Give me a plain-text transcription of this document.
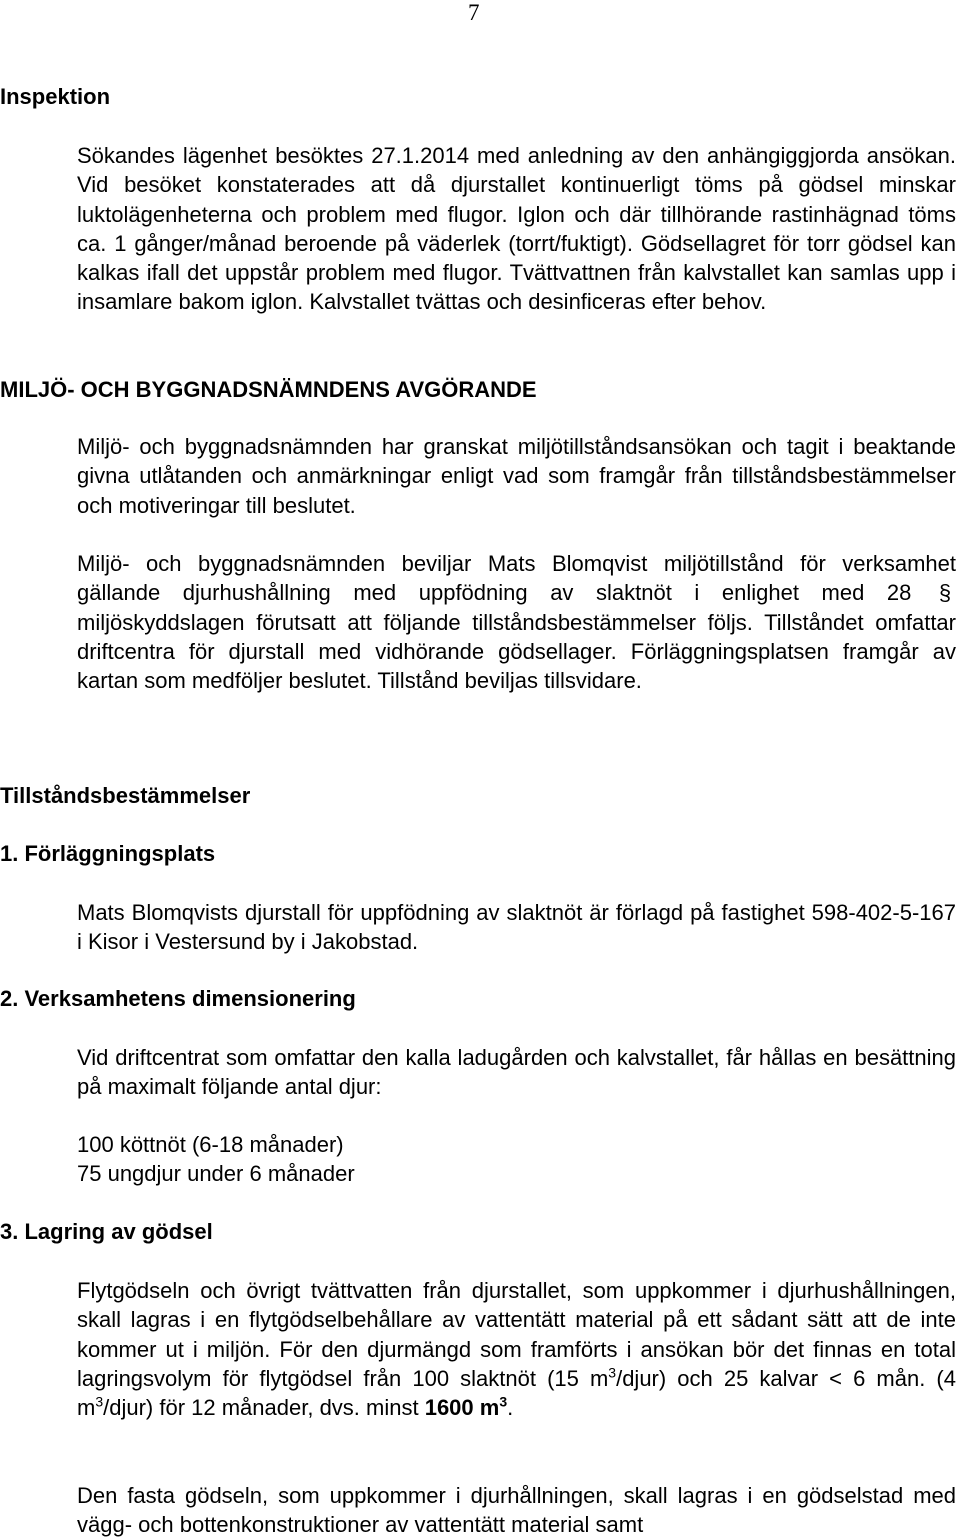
7
Inspektion
Sökandes lägenhet besöktes 27.1.2014 med anledning av den anhängiggjorda ansökan. Vid besöket konstaterades att då djurstallet kontinuerligt töms på gödsel minskar luktolägenheterna och problem med flugor. Iglon och där tillhörande rastinhägnad töms ca. 1 gånger/månad beroende på väderlek (torrt/fuktigt). Gödsellagret för torr gödsel kan kalkas ifall det uppstår problem med flugor. Tvättvattnen från kalvstallet kan samlas upp i insamlare bakom iglon. Kalvstallet tvättas och desinficeras efter behov.
MILJÖ- OCH BYGGNADSNÄMNDENS AVGÖRANDE
Miljö- och byggnadsnämnden har granskat miljötillståndsansökan och tagit i beaktande givna utlåtanden och anmärkningar enligt vad som framgår från tillståndsbestämmelser och motiveringar till beslutet.
Miljö- och byggnadsnämnden beviljar Mats Blomqvist miljötillstånd för verksamhet gällande djurhushållning med uppfödning av slaktnöt i enlighet med 28 § miljöskyddslagen förutsatt att följande tillståndsbestämmelser följs. Tillståndet omfattar driftcentra för djurstall med vidhörande gödsellager. Förläggningsplatsen framgår av kartan som medföljer beslutet. Tillstånd beviljas tillsvidare.
Tillståndsbestämmelser
1. Förläggningsplats
Mats Blomqvists djurstall för uppfödning av slaktnöt är förlagd på fastighet 598-402-5-167 i Kisor i Vestersund by i Jakobstad.
2. Verksamhetens dimensionering
Vid driftcentrat som omfattar den kalla ladugården och kalvstallet, får hållas en besättning på maximalt följande antal djur:
100 köttnöt (6-18 månader)
75 ungdjur under 6 månader
3. Lagring av gödsel
Flytgödseln och övrigt tvättvatten från djurstallet, som uppkommer i djurhushållningen, skall lagras i en flytgödselbehållare av vattentätt material på ett sådant sätt att de inte kommer ut i miljön. För den djurmängd som framförts i ansökan bör det finnas en total lagringsvolym för flytgödsel från 100 slaktnöt (15 $m^3/djur$) och 25 kalvar < 6 mån. (4 $m^3/djur$) för 12 månader, dvs. minst 1600 $m^3$.
Den fasta gödseln, som uppkommer i djurhållningen, skall lagras i en gödselstad med vägg- och bottenkonstruktioner av vattentätt material samt
